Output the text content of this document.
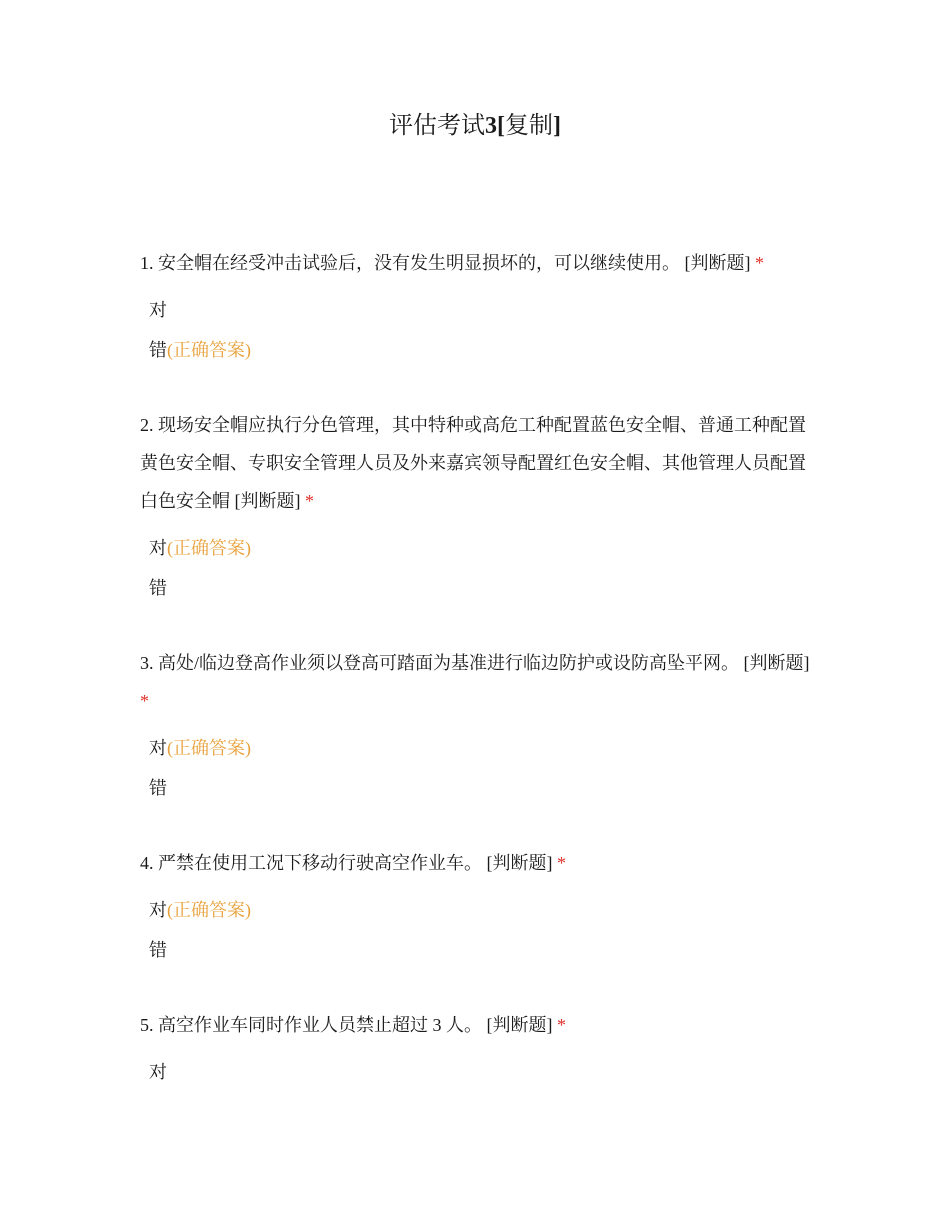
评估考试3[复制]
1. 安全帽在经受冲击试验后，没有发生明显损坏的，可以继续使用。 [判断题] *
对
错(正确答案)
2. 现场安全帽应执行分色管理，其中特种或高危工种配置蓝色安全帽、普通工种配置黄色安全帽、专职安全管理人员及外来嘉宾领导配置红色安全帽、其他管理人员配置白色安全帽 [判断题] *
对(正确答案)
错
3. 高处/临边登高作业须以登高可踏面为基准进行临边防护或设防高坠平网。 [判断题] *
对(正确答案)
错
4. 严禁在使用工况下移动行驶高空作业车。 [判断题] *
对(正确答案)
错
5. 高空作业车同时作业人员禁止超过 3 人。 [判断题] *
对
